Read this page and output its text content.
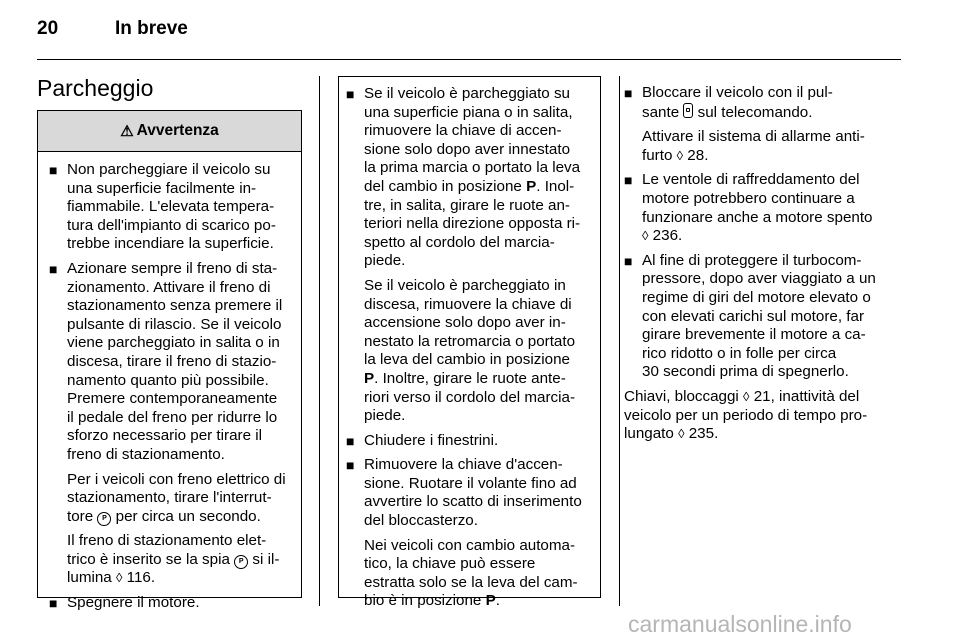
20	In breve
Parcheggio
⚠ Avvertenza
■ Non parcheggiare il veicolo su
una superficie facilmente in-
fiammabile. L'elevata tempera-
tura dell'impianto di scarico po-
trebbe incendiare la superficie.
■ Azionare sempre il freno di sta-
zionamento. Attivare il freno di
stazionamento senza premere il
pulsante di rilascio. Se il veicolo
viene parcheggiato in salita o in
discesa, tirare il freno di stazio-
namento quanto più possibile.
Premere contemporaneamente
il pedale del freno per ridurre lo
sforzo necessario per tirare il
freno di stazionamento.
Per i veicoli con freno elettrico di
stazionamento, tirare l'interrut-
tore P per circa un secondo.
Il freno di stazionamento elet-
trico è inserito se la spia P si il-
lumina ◊ 116.
■ Spegnere il motore.
■ Se il veicolo è parcheggiato su
una superficie piana o in salita,
rimuovere la chiave di accen-
sione solo dopo aver innestato
la prima marcia o portato la leva
del cambio in posizione P. Inol-
tre, in salita, girare le ruote an-
teriori nella direzione opposta ri-
spetto al cordolo del marcia-
piede.
Se il veicolo è parcheggiato in
discesa, rimuovere la chiave di
accensione solo dopo aver in-
nestato la retromarcia o portato
la leva del cambio in posizione
P. Inoltre, girare le ruote ante-
riori verso il cordolo del marcia-
piede.
■ Chiudere i finestrini.
■ Rimuovere la chiave d'accen-
sione. Ruotare il volante fino ad
avvertire lo scatto di inserimento
del bloccasterzo.
Nei veicoli con cambio automa-
tico, la chiave può essere
estratta solo se la leva del cam-
bio è in posizione P.
■ Bloccare il veicolo con il pul-
sante sul telecomando.
Attivare il sistema di allarme anti-
furto ◊ 28.
■ Le ventole di raffreddamento del
motore potrebbero continuare a
funzionare anche a motore spento
◊ 236.
■ Al fine di proteggere il turbocom-
pressore, dopo aver viaggiato a un
regime di giri del motore elevato o
con elevati carichi sul motore, far
girare brevemente il motore a ca-
rico ridotto o in folle per circa
30 secondi prima di spegnerlo.
Chiavi, bloccaggi ◊ 21, inattività del
veicolo per un periodo di tempo pro-
lungato ◊ 235.
carmanualsonline.info
